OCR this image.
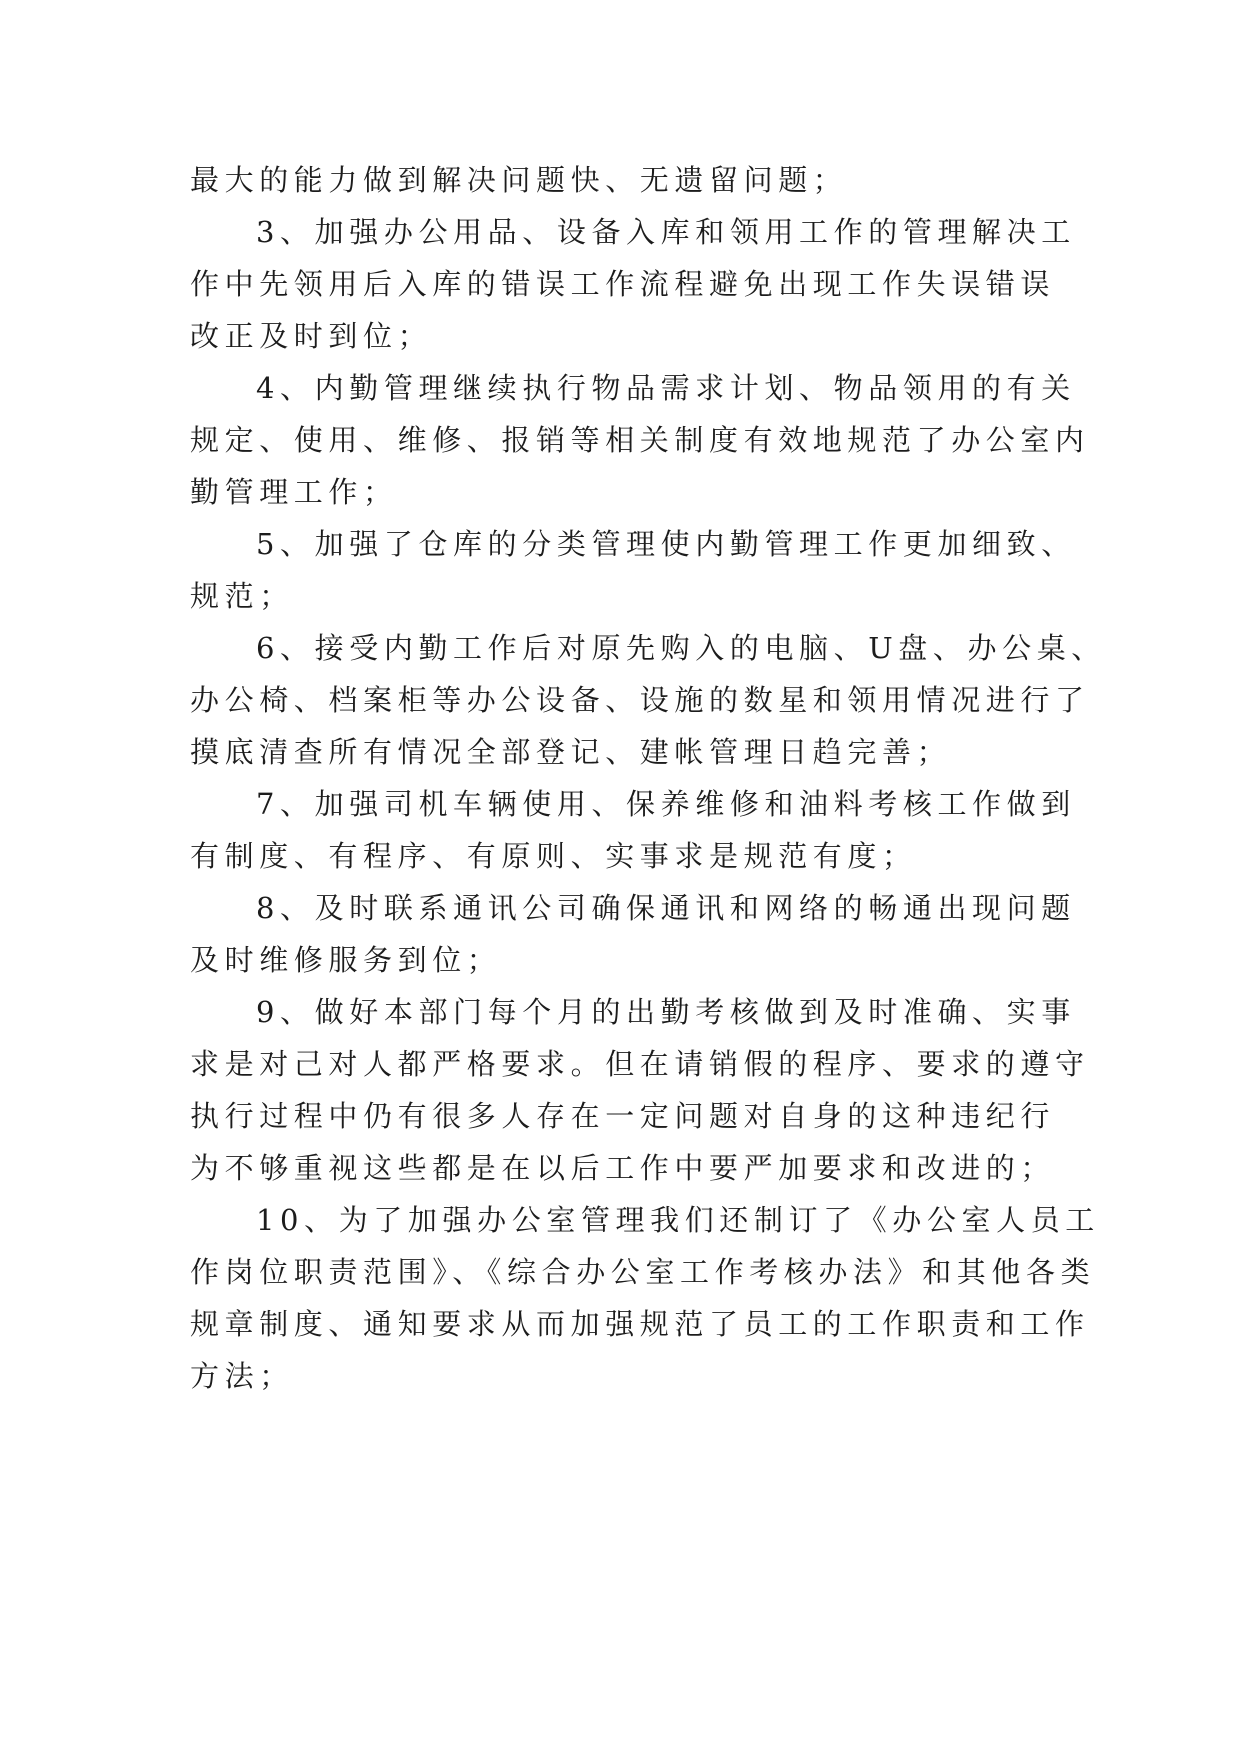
最大的能力做到解决问题快、无遗留问题；
3、加强办公用品、设备入库和领用工作的管理解决工
作中先领用后入库的错误工作流程避免出现工作失误错误
改正及时到位；
4、内勤管理继续执行物品需求计划、物品领用的有关
规定、使用、维修、报销等相关制度有效地规范了办公室内
勤管理工作；
5、加强了仓库的分类管理使内勤管理工作更加细致、
规范；
6、接受内勤工作后对原先购入的电脑、U盘、办公桌、
办公椅、档案柜等办公设备、设施的数星和领用情况进行了
摸底清查所有情况全部登记、建帐管理日趋完善；
7、加强司机车辆使用、保养维修和油料考核工作做到
有制度、有程序、有原则、实事求是规范有度；
8、及时联系通讯公司确保通讯和网络的畅通出现问题
及时维修服务到位；
9、做好本部门每个月的出勤考核做到及时准确、实事
求是对己对人都严格要求。但在请销假的程序、要求的遵守
执行过程中仍有很多人存在一定问题对自身的这种违纪行
为不够重视这些都是在以后工作中要严加要求和改进的；
10、为了加强办公室管理我们还制订了《办公室人员工
作岗位职责范围》、《综合办公室工作考核办法》和其他各类
规章制度、通知要求从而加强规范了员工的工作职责和工作
方法；
